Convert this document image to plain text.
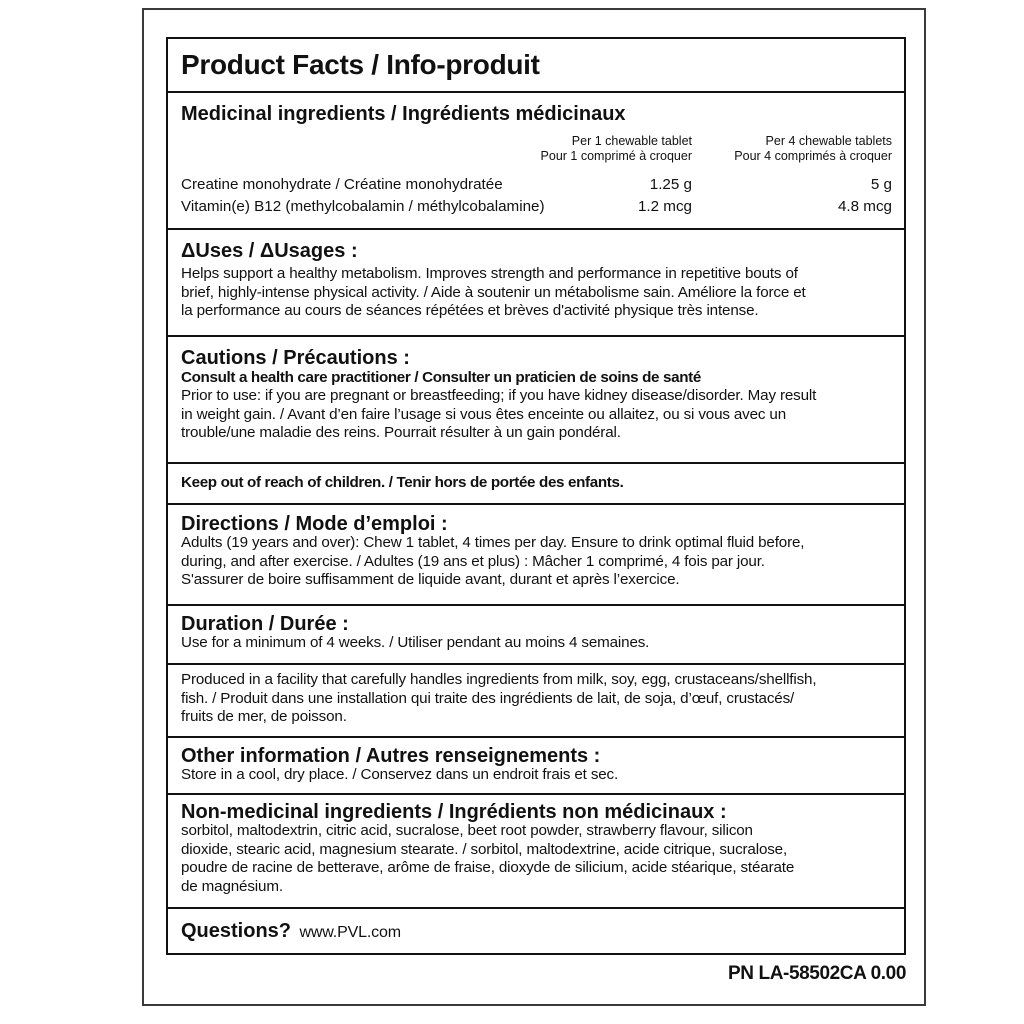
Product Facts / Info-produit
Medicinal ingredients / Ingrédients médicinaux
Per 1 chewable tablet
Pour 1 comprimé à croquer
Per 4 chewable tablets
Pour 4 comprimés à croquer
Creatine monohydrate / Créatine monohydratée	1.25 g	5 g
Vitamin(e) B12 (methylcobalamin / méthylcobalamine)	1.2 mcg	4.8 mcg
ΔUses / ΔUsages :
Helps support a healthy metabolism. Improves strength and performance in repetitive bouts of
brief, highly-intense physical activity. / Aide à soutenir un métabolisme sain. Améliore la force et
la performance au cours de séances répétées et brèves d'activité physique très intense.
Cautions / Précautions :
Consult a health care practitioner / Consulter un praticien de soins de santé
Prior to use: if you are pregnant or breastfeeding; if you have kidney disease/disorder. May result
in weight gain. / Avant d’en faire l’usage si vous êtes enceinte ou allaitez, ou si vous avec un
trouble/une maladie des reins. Pourrait résulter à un gain pondéral.
Keep out of reach of children. / Tenir hors de portée des enfants.
Directions / Mode d’emploi :
Adults (19 years and over): Chew 1 tablet, 4 times per day. Ensure to drink optimal fluid before,
during, and after exercise. / Adultes (19 ans et plus) : Mâcher 1 comprimé, 4 fois par jour.
S'assurer de boire suffisamment de liquide avant, durant et après l’exercice.
Duration / Durée :
Use for a minimum of 4 weeks. / Utiliser pendant au moins 4 semaines.
Produced in a facility that carefully handles ingredients from milk, soy, egg, crustaceans/shellfish,
fish. / Produit dans une installation qui traite des ingrédients de lait, de soja, d’œuf, crustacés/
fruits de mer, de poisson.
Other information / Autres renseignements :
Store in a cool, dry place. / Conservez dans un endroit frais et sec.
Non-medicinal ingredients / Ingrédients non médicinaux :
sorbitol, maltodextrin, citric acid, sucralose, beet root powder, strawberry flavour, silicon
dioxide, stearic acid, magnesium stearate. / sorbitol, maltodextrine, acide citrique, sucralose,
poudre de racine de betterave, arôme de fraise, dioxyde de silicium, acide stéarique, stéarate
de magnésium.
Questions? www.PVL.com
PN LA-58502CA 0.00
